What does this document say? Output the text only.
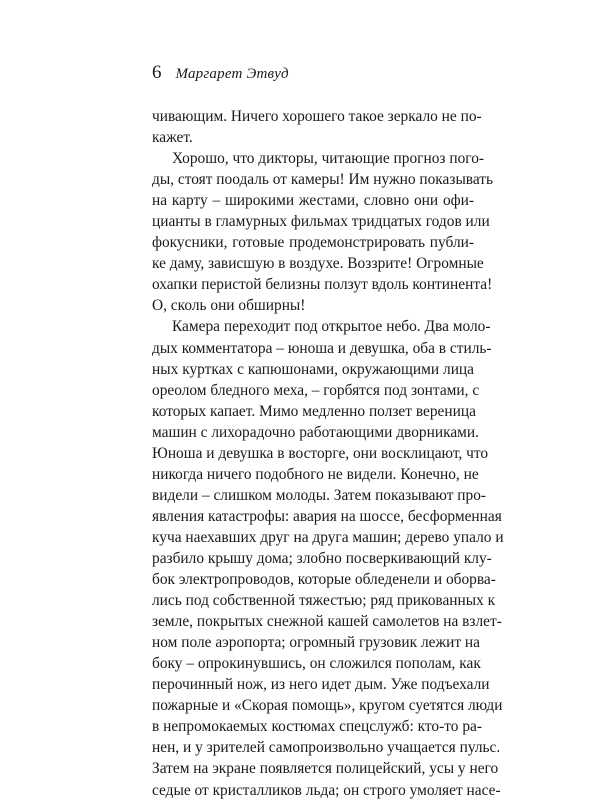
6 Маргарет Этвуд
чивающим. Ничего хорошего такое зеркало не по-
кажет.
Хорошо, что дикторы, читающие прогноз пого-
ды, стоят поодаль от камеры! Им нужно показывать
на карту – широкими жестами, словно они офи-
цианты в гламурных фильмах тридцатых годов или
фокусники, готовые продемонстрировать публи-
ке даму, зависшую в воздухе. Воззрите! Огромные
охапки перистой белизны ползут вдоль континента!
О, сколь они обширны!
Камера переходит под открытое небо. Два моло-
дых комментатора – юноша и девушка, оба в стиль-
ных куртках с капюшонами, окружающими лица
ореолом бледного меха, – горбятся под зонтами, с
которых капает. Мимо медленно ползет вереница
машин с лихорадочно работающими дворниками.
Юноша и девушка в восторге, они восклицают, что
никогда ничего подобного не видели. Конечно, не
видели – слишком молоды. Затем показывают про-
явления катастрофы: авария на шоссе, бесформенная
куча наехавших друг на друга машин; дерево упало и
разбило крышу дома; злобно посверкивающий клу-
бок электропроводов, которые обледенели и оборва-
лись под собственной тяжестью; ряд прикованных к
земле, покрытых снежной кашей самолетов на взлет-
ном поле аэропорта; огромный грузовик лежит на
боку – опрокинувшись, он сложился пополам, как
перочинный нож, из него идет дым. Уже подъехали
пожарные и «Скорая помощь», кругом суетятся люди
в непромокаемых костюмах спецслужб: кто-то ра-
нен, и у зрителей самопроизвольно учащается пульс.
Затем на экране появляется полицейский, усы у него
седые от кристалликов льда; он строго умоляет насе-
